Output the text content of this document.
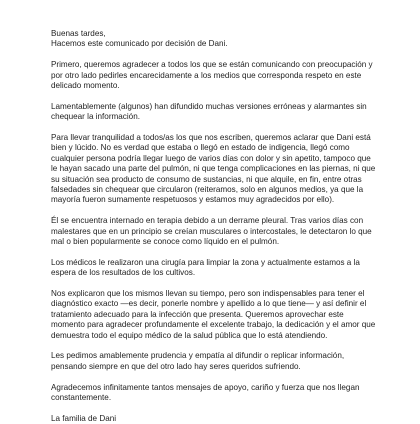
Buenas tardes,
Hacemos este comunicado por decisión de Dani.

Primero, queremos agradecer a todos los que se están comunicando con preocupación y
por otro lado pedirles encarecidamente a los medios que corresponda respeto en este
delicado momento.

Lamentablemente (algunos) han difundido muchas versiones erróneas y alarmantes sin
chequear la información.

Para llevar tranquilidad a todos/as los que nos escriben, queremos aclarar que Dani está
bien y lúcido. No es verdad que estaba o llegó en estado de indigencia, llegó como
cualquier persona podría llegar luego de varios días con dolor y sin apetito, tampoco que
le hayan sacado una parte del pulmón, ni que tenga complicaciones en las piernas, ni que
su situación sea producto de consumo de sustancias, ni que alquile, en fin, entre otras
falsedades sin chequear que circularon (reiteramos, solo en algunos medios, ya que la
mayoría fueron sumamente respetuosos y estamos muy agradecidos por ello).

Él se encuentra internado en terapia debido a un derrame pleural. Tras varios días con
malestares que en un principio se creían musculares o intercostales, le detectaron lo que
mal o bien popularmente se conoce como líquido en el pulmón.

Los médicos le realizaron una cirugía para limpiar la zona y actualmente estamos a la
espera de los resultados de los cultivos.

Nos explicaron que los mismos llevan su tiempo, pero son indispensables para tener el
diagnóstico exacto —es decir, ponerle nombre y apellido a lo que tiene— y así definir el
tratamiento adecuado para la infección que presenta. Queremos aprovechar este
momento para agradecer profundamente el excelente trabajo, la dedicación y el amor que
demuestra todo el equipo médico de la salud pública que lo está atendiendo.

Les pedimos amablemente prudencia y empatía al difundir o replicar información,
pensando siempre en que del otro lado hay seres queridos sufriendo.

Agradecemos infinitamente tantos mensajes de apoyo, cariño y fuerza que nos llegan
constantemente.

La familia de Dani
